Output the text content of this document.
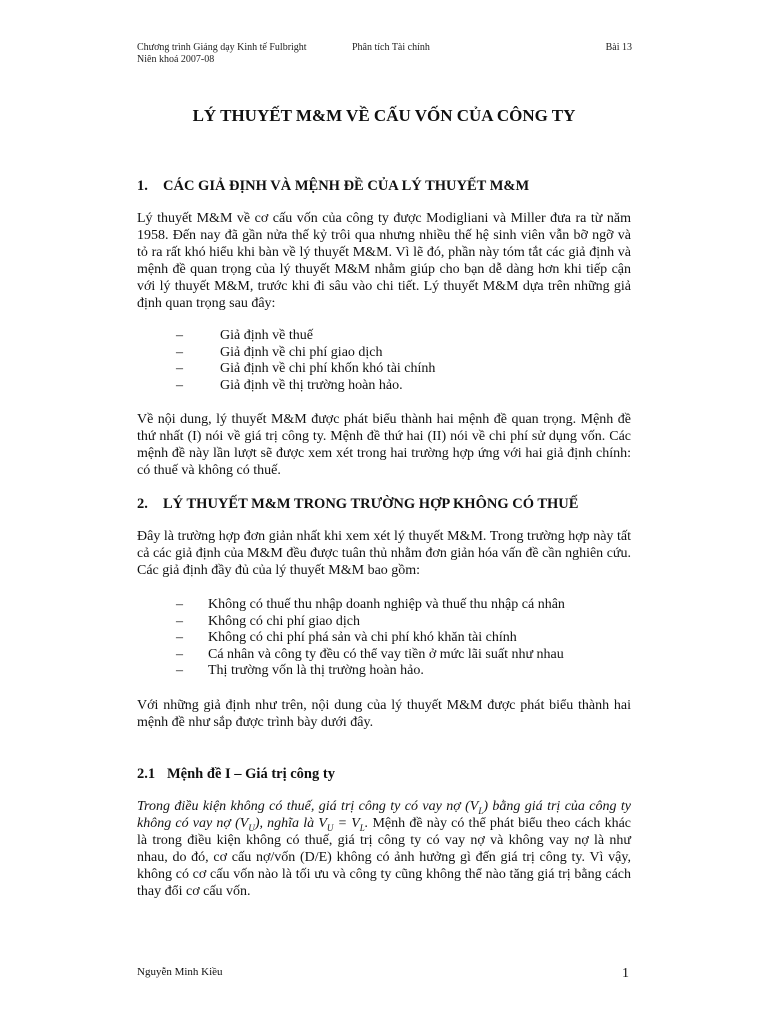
Chương trình Giảng dạy Kinh tế Fulbright
Niên khoá 2007-08
Phân tích Tài chính	Bài 13
LÝ THUYẾT M&M VỀ CẤU VỐN CỦA CÔNG TY
1. CÁC GIẢ ĐỊNH VÀ MỆNH ĐỀ CỦA LÝ THUYẾT M&M

Lý thuyết M&M về cơ cấu vốn của công ty được Modigliani và Miller đưa ra từ năm 1958. Đến nay đã gần nửa thế kỷ trôi qua nhưng nhiều thế hệ sinh viên vẫn bỡ ngỡ và tỏ ra rất khó hiểu khi bàn về lý thuyết M&M. Vì lẽ đó, phần này tóm tắt các giả định và mệnh đề quan trọng của lý thuyết M&M nhằm giúp cho bạn dễ dàng hơn khi tiếp cận với lý thuyết M&M, trước khi đi sâu vào chi tiết. Lý thuyết M&M dựa trên những giả định quan trọng sau đây:

–	Giả định về thuế
–	Giả định về chi phí giao dịch
–	Giả định về chi phí khốn khó tài chính
–	Giả định về thị trường hoàn hảo.

Về nội dung, lý thuyết M&M được phát biểu thành hai mệnh đề quan trọng. Mệnh đề thứ nhất (I) nói về giá trị công ty. Mệnh đề thứ hai (II) nói về chi phí sử dụng vốn. Các mệnh đề này lần lượt sẽ được xem xét trong hai trường hợp ứng với hai giả định chính: có thuế và không có thuế.

2. LÝ THUYẾT M&M TRONG TRƯỜNG HỢP KHÔNG CÓ THUẾ

Đây là trường hợp đơn giản nhất khi xem xét lý thuyết M&M. Trong trường hợp này tất cả các giả định của M&M đều được tuân thủ nhằm đơn giản hóa vấn đề cần nghiên cứu. Các giả định đầy đủ của lý thuyết M&M bao gồm:

– Không có thuế thu nhập doanh nghiệp và thuế thu nhập cá nhân
– Không có chi phí giao dịch
– Không có chi phí phá sản và chi phí khó khăn tài chính
– Cá nhân và công ty đều có thể vay tiền ở mức lãi suất như nhau
– Thị trường vốn là thị trường hoàn hảo.

Với những giả định như trên, nội dung của lý thuyết M&M được phát biểu thành hai mệnh đề như sắp được trình bày dưới đây.

2.1 Mệnh đề I – Giá trị công ty

Trong điều kiện không có thuế, giá trị công ty có vay nợ $(V_L)$ bằng giá trị của công ty không có vay nợ $(V_U)$, nghĩa là $V_U = V_L$. Mệnh đề này có thể phát biểu theo cách khác là trong điều kiện không có thuế, giá trị công ty có vay nợ và không vay nợ là như nhau, do đó, cơ cấu nợ/vốn (D/E) không có ảnh hưởng gì đến giá trị công ty. Vì vậy, không có cơ cấu vốn nào là tối ưu và công ty cũng không thể nào tăng giá trị bằng cách thay đổi cơ cấu vốn.

Nguyễn Minh Kiều	1
